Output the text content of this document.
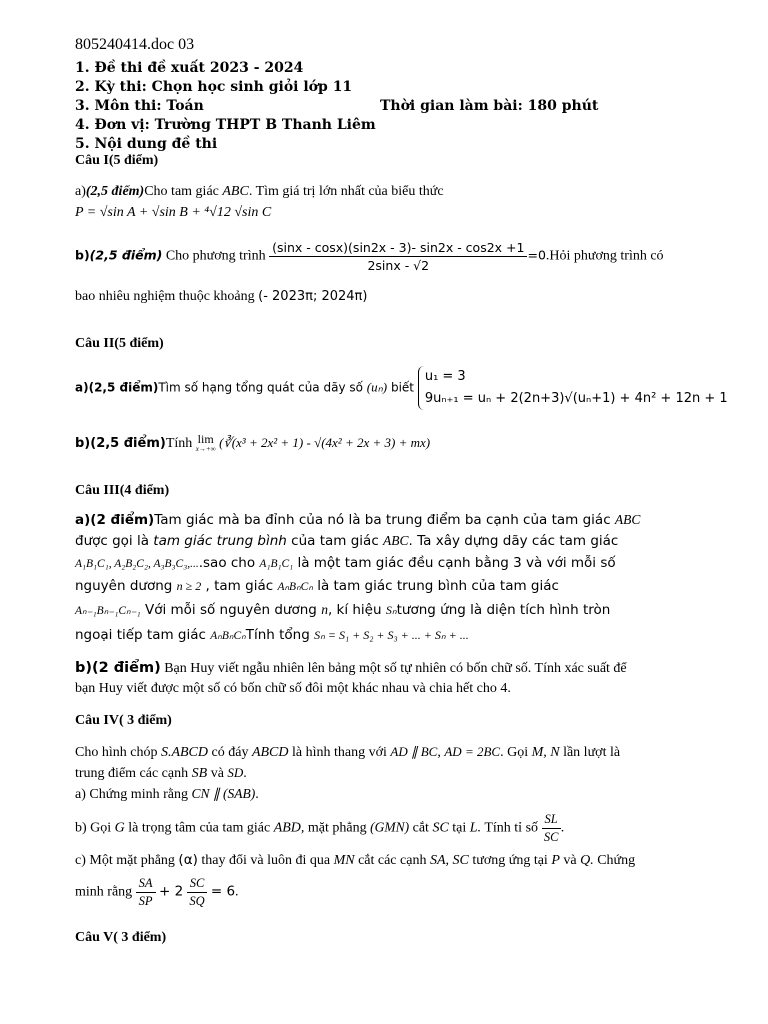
805240414.doc 03
1. Đề thi đề xuất 2023 - 2024
2. Kỳ thi: Chọn học sinh giỏi lớp 11
3. Môn thi: Toán	Thời gian làm bài: 180 phút
4. Đơn vị: Trường THPT B Thanh Liêm
5. Nội dung đề thi
Câu I(5 điểm)
a)(2,5 điểm)Cho tam giác ABC. Tìm giá trị lớn nhất của biểu thức
P = √sin A + √sin B + ⁴√12 √sin C
b)(2,5 điểm) Cho phương trình $\frac{(\sin x - \cos x)(\sin 2x - 3)- \sin 2x - \cos 2x +1}{2\sin x - √2}$ =0.Hỏi phương trình có
bao nhiêu nghiệm thuộc khoảng (- 2023π; 2024π)
Câu II(5 điểm)
a)(2,5 điểm)Tìm số hạng tổng quát của dãy số (uₙ) biết
u₁ = 3
9uₙ₊₁ = uₙ + 2(2n+3)√(uₙ+1) + 4n² + 12n + 1
b)(2,5 điểm)Tính lim
x→+∞ (∛(x³ + 2x² + 1) - √(4x² + 2x + 3) + mx)
Câu III(4 điểm)
a)(2 điểm)Tam giác mà ba đỉnh của nó là ba trung điểm ba cạnh của tam giác ABC
được gọi là tam giác trung bình của tam giác ABC. Ta xây dựng dãy các tam giác
A₁B₁C₁, A₂B₂C₂, A₃B₃C₃,....sao cho A₁B₁C₁ là một tam giác đều cạnh bằng 3 và với mỗi số
nguyên dương n ≥ 2 , tam giác AₙBₙCₙ là tam giác trung bình của tam giác
Aₙ₋₁Bₙ₋₁Cₙ₋₁ Với mỗi số nguyên dương n, kí hiệu Sₙtương ứng là diện tích hình tròn
ngoại tiếp tam giác AₙBₙCₙTính tổng Sₙ = S₁ + S₂ + S₃ + ... + Sₙ + ...
b)(2 điểm) Bạn Huy viết ngẫu nhiên lên bảng một số tự nhiên có bốn chữ số. Tính xác suất để
bạn Huy viết được một số có bốn chữ số đôi một khác nhau và chia hết cho 4.
Câu IV( 3 điểm)
Cho hình chóp S.ABCD có đáy ABCD là hình thang với AD ∥ BC, AD = 2BC. Gọi M, N lần lượt là
trung điểm các cạnh SB và SD.
a) Chứng minh rằng CN ∥ (SAB).
b) Gọi G là trọng tâm của tam giác ABD, mặt phẳng (GMN) cắt SC tại L. Tính tỉ số $\frac{SL}{SC}$ .
c) Một mặt phẳng (α) thay đổi và luôn đi qua MN cắt các cạnh SA, SC tương ứng tại P và Q. Chứng
minh rằng $\frac{SA}{SP} + 2 \frac{SC}{SQ} = 6$.
Câu V( 3 điểm)
